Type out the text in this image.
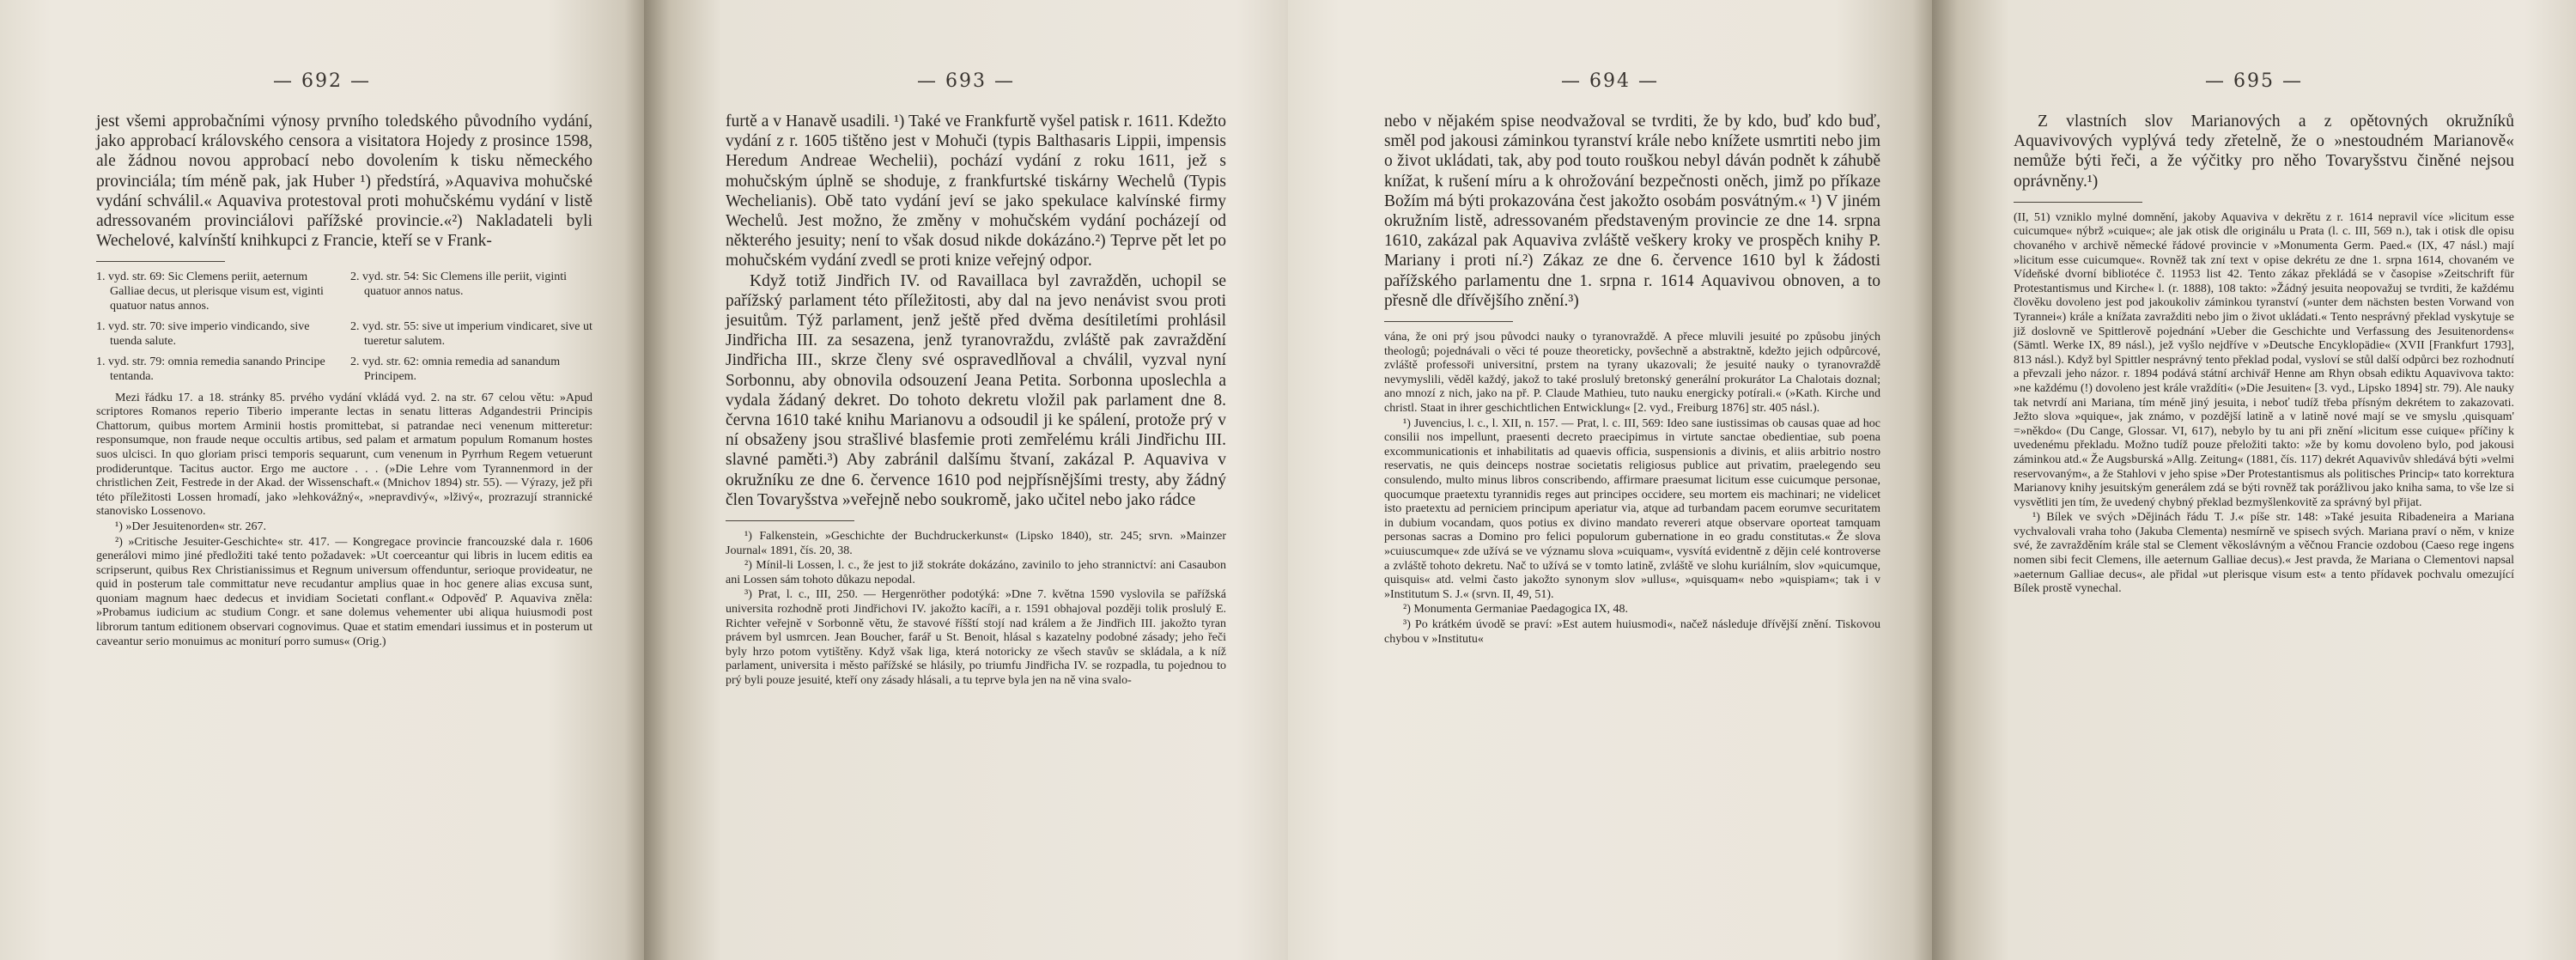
— 692 —

jest všemi approbačními výnosy prvního toledského původního vydání, jako approbací královského censora a visitatora Hojedy z prosince 1598, ale žádnou novou approbací nebo dovolením k tisku německého provinciála; tím méně pak, jak Huber ¹) předstírá, »Aquaviva mohučské vydání schválil.« Aquaviva protestoval proti mohučskému vydání v listě adressovaném provinciálovi pařížské provincie.«²) Nakladateli byli Wechelové, kalvínští knihkupci z Francie, kteří se v Frank-

1. vyd. str. 69: Sic Clemens periit, aeternum Galliae decus, ut plerisque visum est, viginti quatuor natus annos.
2. vyd. str. 54: Sic Clemens ille periit, viginti quatuor annos natus.
1. vyd. str. 70: sive imperio vindicando, sive tuenda salute.
2. vyd. str. 55: sive ut imperium vindicaret, sive ut tueretur salutem.
1. vyd. str. 79: omnia remedia sanando Principe tentanda.
2. vyd. str. 62: omnia remedia ad sanandum Principem.

Mezi řádku 17. a 18. stránky 85. prvého vydání vkládá vyd. 2. na str. 67 celou větu: »Apud scriptores Romanos reperio Tiberio imperante lectas in senatu litteras Adgandestrii Principis Chattorum, quibus mortem Arminii hostis promittebat, si patrandae neci venenum mitteretur: responsumque, non fraude neque occultis artibus, sed palam et armatum populum Romanum hostes suos ulcisci. In quo gloriam prisci temporis sequarunt, cum venenum in Pyrrhum Regem vetuerunt prodideruntque. Tacitus auctor. Ergo me auctore . . . (»Die Lehre vom Tyrannenmord in der christlichen Zeit, Festrede in der Akad. der Wissenschaft.« (Mnichov 1894) str. 55). — Výrazy, jež při této příležitosti Lossen hromadí, jako »lehkovážný«, »nepravdivý«, »lživý«, prozrazují strannické stanovisko Lossenovo.

¹) »Der Jesuitenorden« str. 267.

²) »Critische Jesuiter-Geschichte« str. 417. — Kongregace provincie francouzské dala r. 1606 generálovi mimo jiné předložiti také tento požadavek: »Ut coerceantur qui libris in lucem editis ea scripserunt, quibus Rex Christianissimus et Regnum universum offenduntur, serioque provideatur, ne quid in posterum tale committatur neve recudantur amplius quae in hoc genere alias excusa sunt, quoniam magnum haec dedecus et invidiam Societati conflant.« Odpověď P. Aquaviva zněla: »Probamus iudicium ac studium Congr. et sane dolemus vehementer ubi aliqua huiusmodi post librorum tantum editionem observari cognovimus. Quae et statim emendari iussimus et in posterum ut caveantur serio monuimus ac moniturí porro sumus« (Orig.)

— 693 —

furtě a v Hanavě usadili. ¹) Také ve Frankfurtě vyšel patisk r. 1611. Kdežto vydání z r. 1605 tištěno jest v Mohuči (typis Balthasaris Lippii, impensis Heredum Andreae Wechelii), pochází vydání z roku 1611, jež s mohučským úplně se shoduje, z frankfurtské tiskárny Wechelů (Typis Wechelianis). Obě tato vydání jeví se jako spekulace kalvínské firmy Wechelů. Jest možno, že změny v mohučském vydání pocházejí od některého jesuity; není to však dosud nikde dokázáno.²) Teprve pět let po mohučském vydání zvedl se proti knize veřejný odpor.

Když totiž Jindřich IV. od Ravaillaca byl zavražděn, uchopil se pařížský parlament této příležitosti, aby dal na jevo nenávist svou proti jesuitům. Týž parlament, jenž ještě před dvěma desítiletími prohlásil Jindřicha III. za sesazena, jenž tyranovraždu, zvláště pak zavraždění Jindřicha III., skrze členy své ospravedlňoval a chválil, vyzval nyní Sorbonnu, aby obnovila odsouzení Jeana Petita. Sorbonna uposlechla a vydala žádaný dekret. Do tohoto dekretu vložil pak parlament dne 8. června 1610 také knihu Marianovu a odsoudil ji ke spálení, protože prý v ní obsaženy jsou strašlivé blasfemie proti zemřelému králi Jindřichu III. slavné paměti.³) Aby zabránil dalšímu štvaní, zakázal P. Aquaviva v okružníku ze dne 6. července 1610 pod nejpřísnějšími tresty, aby žádný člen Tovaryšstva »veřejně nebo soukromě, jako učitel nebo jako rádce

¹) Falkenstein, »Geschichte der Buchdruckerkunst« (Lipsko 1840), str. 245; srvn. »Mainzer Journal« 1891, čís. 20, 38.

²) Mínil-li Lossen, l. c., že jest to již stokráte dokázáno, zavinilo to jeho strannictví: ani Casaubon ani Lossen sám tohoto důkazu nepodal.

³) Prat, l. c., III, 250. — Hergenröther podotýká: »Dne 7. května 1590 vyslovila se pařížská universita rozhodně proti Jindřichovi IV. jakožto kacíři, a r. 1591 obhajoval později tolik proslulý E. Richter veřejně v Sorbonně větu, že stavové říšští stojí nad králem a že Jindřich III. jakožto tyran právem byl usmrcen. Jean Boucher, farář u St. Benoit, hlásal s kazatelny podobné zásady; jeho řeči byly hrzo potom vytištěny. Když však liga, která notoricky ze všech stavův se skládala, a k níž parlament, universita i město pařížské se hlásily, po triumfu Jindřicha IV. se rozpadla, tu pojednou to prý byli pouze jesuité, kteří ony zásady hlásali, a tu teprve byla jen na ně vina svalo-

— 694 —

nebo v nějakém spise neodvažoval se tvrditi, že by kdo, buď kdo buď, směl pod jakousi záminkou tyranství krále nebo knížete usmrtiti nebo jim o život ukládati, tak, aby pod touto rouškou nebyl dáván podnět k záhubě knížat, k rušení míru a k ohrožování bezpečnosti oněch, jimž po příkaze Božím má býti prokazována čest jakožto osobám posvátným.« ¹) V jiném okružním listě, adressovaném představeným provincie ze dne 14. srpna 1610, zakázal pak Aquaviva zvláště veškery kroky ve prospěch knihy P. Mariany i proti ní.²) Zákaz ze dne 6. července 1610 byl k žádosti pařížského parlamentu dne 1. srpna r. 1614 Aquavivou obnoven, a to přesně dle dřívějšího znění.³)

vána, že oni prý jsou původci nauky o tyranovraždě. A přece mluvili jesuité po způsobu jiných theologů; pojednávali o věci té pouze theoreticky, povšechně a abstraktně, kdežto jejich odpůrcové, zvláště professoři universitní, prstem na tyrany ukazovali; že jesuité nauky o tyranovraždě nevymyslili, věděl každý, jakož to také proslulý bretonský generální prokurátor La Chalotais doznal; ano mnozí z nich, jako na př. P. Claude Mathieu, tuto nauku energicky potírali.« (»Kath. Kirche und christl. Staat in ihrer geschichtlichen Entwicklung« [2. vyd., Freiburg 1876] str. 405 násl.).

¹) Juvencius, l. c., l. XII, n. 157. — Prat, l. c. III, 569: Ideo sane iustissimas ob causas quae ad hoc consilii nos impellunt, praesenti decreto praecipimus in virtute sanctae obedientiae, sub poena excommunicationis et inhabilitatis ad quaevis officia, suspensionis a divinis, et aliis arbitrio nostro reservatis, ne quis deinceps nostrae societatis religiosus publice aut privatim, praelegendo seu consulendo, multo minus libros conscribendo, affirmare praesumat licitum esse cuicumque personae, quocumque praetextu tyrannidis reges aut principes occidere, seu mortem eis machinari; ne videlicet isto praetextu ad perniciem principum aperiatur via, atque ad turbandam pacem eorumve securitatem in dubium vocandam, quos potius ex divino mandato revereri atque observare oporteat tamquam personas sacras a Domino pro felici populorum gubernatione in eo gradu constitutas.« Že slova »cuiuscumque« zde užívá se ve významu slova »cuiquam«, vysvítá evidentně z dějin celé kontroverse a zvláště tohoto dekretu. Nač to užívá se v tomto latině, zvláště ve slohu kuriálním, slov »quicumque, quisquis« atd. velmi často jakožto synonym slov »ullus«, »quisquam« nebo »quispiam«; tak i v »Institutum S. J.« (srvn. II, 49, 51).

²) Monumenta Germaniae Paedagogica IX, 48.

³) Po krátkém úvodě se praví: »Est autem huiusmodi«, načež následuje dřívější znění. Tiskovou chybou v »Institutu«

— 695 —

Z vlastních slov Marianových a z opětovných okružníků Aquavivových vyplývá tedy zřetelně, že o »nestoudném Marianově« nemůže býti řeči, a že výčitky pro něho Tovaryšstvu činěné nejsou oprávněny.¹)

(II, 51) vzniklo mylné domnění, jakoby Aquaviva v dekrětu z r. 1614 nepravil více »licitum esse cuicumque« nýbrž »cuique«; ale jak otisk dle originálu u Prata (l. c. III, 569 n.), tak i otisk dle opisu chovaného v archivě německé řádové provincie v »Monumenta Germ. Paed.« (IX, 47 násl.) mají »licitum esse cuicumque«. Rovněž tak zní text v opise dekrétu ze dne 1. srpna 1614, chovaném ve Vídeňské dvorní bibliotéce č. 11953 list 42. Tento zákaz překládá se v časopise »Zeitschrift für Protestantismus und Kirche« l. (r. 1888), 108 takto: »Žádný jesuita neopovažuj se tvrditi, že každému člověku dovoleno jest pod jakoukoliv záminkou tyranství (»unter dem nächsten besten Vorwand von Tyrannei«) krále a knížata zavražditi nebo jim o život ukládati.« Tento nesprávný překlad vyskytuje se již doslovně ve Spittlerově pojednání »Ueber die Geschichte und Verfassung des Jesuitenordens« (Sämtl. Werke IX, 89 násl.), jež vyšlo nejdříve v »Deutsche Encyklopädie« (XVII [Frankfurt 1793], 813 násl.). Když byl Spittler nesprávný tento překlad podal, vysloví se stůl další odpůrci bez rozhodnutí a převzali jeho názor. r. 1894 podává státní archivář Henne am Rhyn obsah ediktu Aquavivova takto: »ne každému (!) dovoleno jest krále vraždíti« (»Die Jesuiten« [3. vyd., Lipsko 1894] str. 79). Ale nauky tak netvrdí ani Mariana, tím méně jiný jesuita, i neboť tudíž třeba přísným dekrétem to zakazovati. Ježto slova »quique«, jak známo, v pozdější latině a v latině nové mají se ve smyslu ,quisquam' =»někdo« (Du Cange, Glossar. VI, 617), nebylo by tu ani při znění »licitum esse cuique« příčiny k uvedenému překladu. Možno tudíž pouze přeložiti takto: »že by komu dovoleno bylo, pod jakousi záminkou atd.« Že Augsburská »Allg. Zeitung« (1881, čís. 117) dekrét Aquavivův shledává býti »velmi reservovaným«, a že Stahlovi v jeho spise »Der Protestantismus als politisches Princip« tato korrektura Marianovy knihy jesuitským generálem zdá se býti rovněž tak porážlivou jako kniha sama, to vše lze si vysvětliti jen tím, že uvedený chybný překlad bezmyšlenkovitě za správný byl přijat.

¹) Bílek ve svých »Dějinách řádu T. J.« píše str. 148: »Také jesuita Ribadeneira a Mariana vychvalovali vraha toho (Jakuba Clementa) nesmírně ve spisech svých. Mariana praví o něm, v knize své, že zavražděním krále stal se Clement věkoslávným a věčnou Francie ozdobou (Caeso rege ingens nomen sibi fecit Clemens, ille aeternum Galliae decus).« Jest pravda, že Mariana o Clementovi napsal »aeternum Galliae decus«, ale přidal »ut plerisque visum est« a tento přídavek pochvalu omezující Bílek prostě vynechal.
